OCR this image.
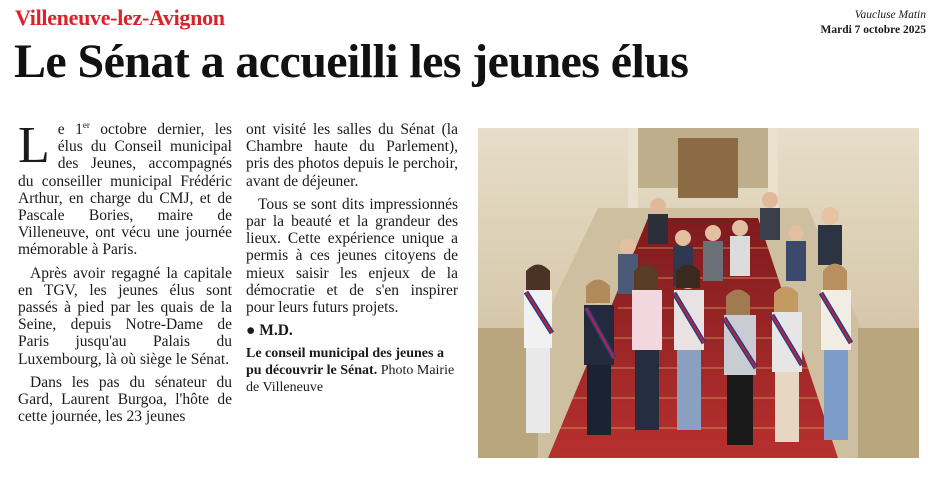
Villeneuve-lez-Avignon	Vaucluse Matin
Mardi 7 octobre 2025
Le Sénat a accueilli les jeunes élus

Le 1er octobre dernier, les élus du Conseil municipal des Jeunes, accompagnés du conseiller municipal Frédéric Arthur, en charge du CMJ, et de Pascale Bories, maire de Villeneuve, ont vécu une journée mémorable à Paris.

Après avoir regagné la capitale en TGV, les jeunes élus sont passés à pied par les quais de la Seine, depuis Notre-Dame de Paris jusqu'au Palais du Luxembourg, là où siège le Sénat.

Dans les pas du sénateur du Gard, Laurent Burgoa, l'hôte de cette journée, les 23 jeunes

ont visité les salles du Sénat (la Chambre haute du Parlement), pris des photos depuis le perchoir, avant de déjeuner.

Tous se sont dits impressionnés par la beauté et la grandeur des lieux. Cette expérience unique a permis à ces jeunes citoyens de mieux saisir les enjeux de la démocratie et de s'en inspirer pour leurs futurs projets.

● M.D.

Le conseil municipal des jeunes a pu découvrir le Sénat. Photo Mairie de Villeneuve
